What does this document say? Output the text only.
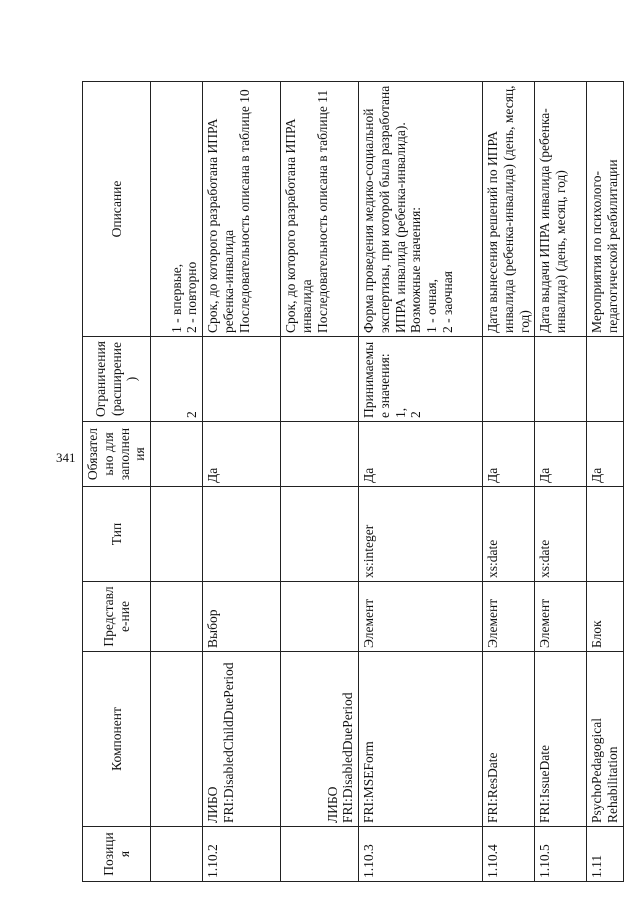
341
Позиция	Компонент	Представле-ние	Тип	Обязательно для заполнения	Ограничения (расширение)	Описание

					2	1 - впервые, 2 - повторно

1.10.2	ЛИБО FRI:DisabledChildDuePeriod	Выбор		Да		Срок, до которого разработана ИПРА ребенка-инвалида Последовательность описана в таблице 10

	ЛИБО FRI:DisabledDuePeriod					Срок, до которого разработана ИПРА инвалида Последовательность описана в таблице 11

1.10.3	FRI:MSEForm	Элемент	xs:integer	Да	Принимаемые значения: 1, 2	Форма проведения медико-социальной экспертизы, при которой была разработана ИПРА инвалида (ребенка-инвалида). Возможные значения: 1 - очная, 2 - заочная

1.10.4	FRI:ResDate	Элемент	xs:date	Да		Дата вынесения решений по ИПРА инвалида (ребенка-инвалида) (день, месяц, год)

1.10.5	FRI:IssueDate	Элемент	xs:date	Да		Дата выдачи ИПРА инвалида (ребенка-инвалида) (день, месяц, год)

1.11	PsychoPedagogical Rehabilitation	Блок		Да		Мероприятия по психолого-педагогической реабилитации
